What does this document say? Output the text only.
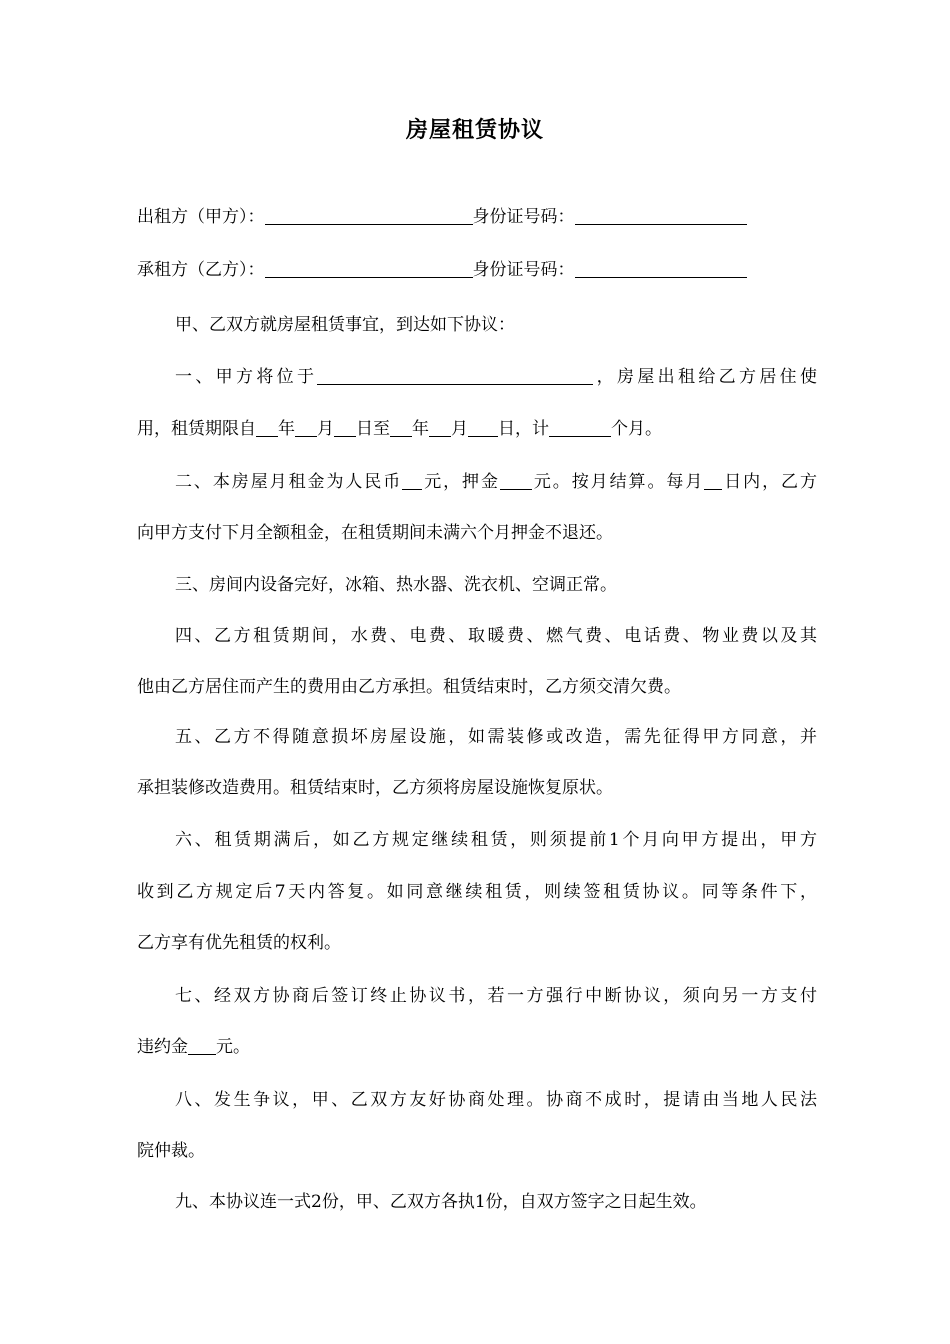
房屋租赁协议
出租方（甲方）：	身份证号码：
承租方（乙方）：	身份证号码：
甲、乙双方就房屋租赁事宜，到达如下协议：
一、甲方将位于	，房屋出租给乙方居住使
用，租赁期限自 年 月 日至 年 月 日，计	个月。
二、本房屋月租金为人民币 元，押金 元。按月结算。每月 日内，乙方
向甲方支付下月全额租金，在租赁期间未满六个月押金不退还。
三、房间内设备完好，冰箱、热水器、洗衣机、空调正常。
四、乙方租赁期间，水费、电费、取暖费、燃气费、电话费、物业费以及其
他由乙方居住而产生的费用由乙方承担。租赁结束时，乙方须交清欠费。
五、乙方不得随意损坏房屋设施，如需装修或改造，需先征得甲方同意，并
承担装修改造费用。租赁结束时，乙方须将房屋设施恢复原状。
六、租赁期满后，如乙方规定继续租赁，则须提前1个月向甲方提出，甲方
收到乙方规定后7天内答复。如同意继续租赁，则续签租赁协议。同等条件下，
乙方享有优先租赁的权利。
七、经双方协商后签订终止协议书，若一方强行中断协议，须向另一方支付
违约金 元。
八、发生争议，甲、乙双方友好协商处理。协商不成时，提请由当地人民法
院仲裁。
九、本协议连一式2份，甲、乙双方各执1份，自双方签字之日起生效。
